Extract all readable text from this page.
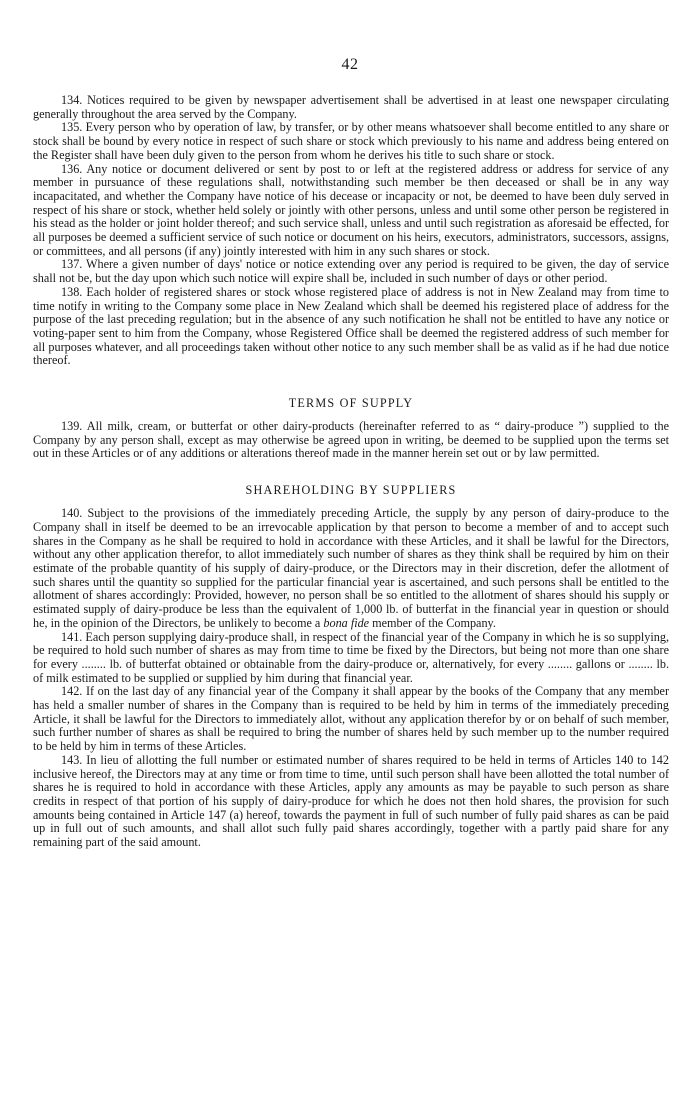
42

134. Notices required to be given by newspaper advertisement shall be advertised in at least one newspaper circulating generally throughout the area served by the Company.

135. Every person who by operation of law, by transfer, or by other means whatsoever shall become entitled to any share or stock shall be bound by every notice in respect of such share or stock which previously to his name and address being entered on the Register shall have been duly given to the person from whom he derives his title to such share or stock.

136. Any notice or document delivered or sent by post to or left at the registered address or address for service of any member in pursuance of these regulations shall, notwithstanding such member be then deceased or shall be in any way incapacitated, and whether the Company have notice of his decease or incapacity or not, be deemed to have been duly served in respect of his share or stock, whether held solely or jointly with other persons, unless and until some other person be registered in his stead as the holder or joint holder thereof; and such service shall, unless and until such registration as aforesaid be effected, for all purposes be deemed a sufficient service of such notice or document on his heirs, executors, administrators, successors, assigns, or committees, and all persons (if any) jointly interested with him in any such shares or stock.

137. Where a given number of days' notice or notice extending over any period is required to be given, the day of service shall not be, but the day upon which such notice will expire shall be, included in such number of days or other period.

138. Each holder of registered shares or stock whose registered place of address is not in New Zealand may from time to time notify in writing to the Company some place in New Zealand which shall be deemed his registered place of address for the purpose of the last preceding regulation; but in the absence of any such notification he shall not be entitled to have any notice or voting-paper sent to him from the Company, whose Registered Office shall be deemed the registered address of such member for all purposes whatever, and all proceedings taken without other notice to any such member shall be as valid as if he had due notice thereof.

TERMS OF SUPPLY

139. All milk, cream, or butterfat or other dairy-products (hereinafter referred to as “ dairy-produce ”) supplied to the Company by any person shall, except as may otherwise be agreed upon in writing, be deemed to be supplied upon the terms set out in these Articles or of any additions or alterations thereof made in the manner herein set out or by law permitted.

SHAREHOLDING BY SUPPLIERS

140. Subject to the provisions of the immediately preceding Article, the supply by any person of dairy-produce to the Company shall in itself be deemed to be an irrevocable application by that person to become a member of and to accept such shares in the Company as he shall be required to hold in accordance with these Articles, and it shall be lawful for the Directors, without any other application therefor, to allot immediately such number of shares as they think shall be required by him on their estimate of the probable quantity of his supply of dairy-produce, or the Directors may in their discretion, defer the allotment of such shares until the quantity so supplied for the particular financial year is ascertained, and such persons shall be entitled to the allotment of shares accordingly: Provided, however, no person shall be so entitled to the allotment of shares should his supply or estimated supply of dairy-produce be less than the equivalent of 1,000 lb. of butterfat in the financial year in question or should he, in the opinion of the Directors, be unlikely to become a bona fide member of the Company.

141. Each person supplying dairy-produce shall, in respect of the financial year of the Company in which he is so supplying, be required to hold such number of shares as may from time to time be fixed by the Directors, but being not more than one share for every ........ lb. of butterfat obtained or obtainable from the dairy-produce or, alternatively, for every ........ gallons or ........ lb. of milk estimated to be supplied or supplied by him during that financial year.

142. If on the last day of any financial year of the Company it shall appear by the books of the Company that any member has held a smaller number of shares in the Company than is required to be held by him in terms of the immediately preceding Article, it shall be lawful for the Directors to immediately allot, without any application therefor by or on behalf of such member, such further number of shares as shall be required to bring the number of shares held by such member up to the number required to be held by him in terms of these Articles.

143. In lieu of allotting the full number or estimated number of shares required to be held in terms of Articles 140 to 142 inclusive hereof, the Directors may at any time or from time to time, until such person shall have been allotted the total number of shares he is required to hold in accordance with these Articles, apply any amounts as may be payable to such person as share credits in respect of that portion of his supply of dairy-produce for which he does not then hold shares, the provision for such amounts being contained in Article 147 (a) hereof, towards the payment in full of such number of fully paid shares as can be paid up in full out of such amounts, and shall allot such fully paid shares accordingly, together with a partly paid share for any remaining part of the said amount.
